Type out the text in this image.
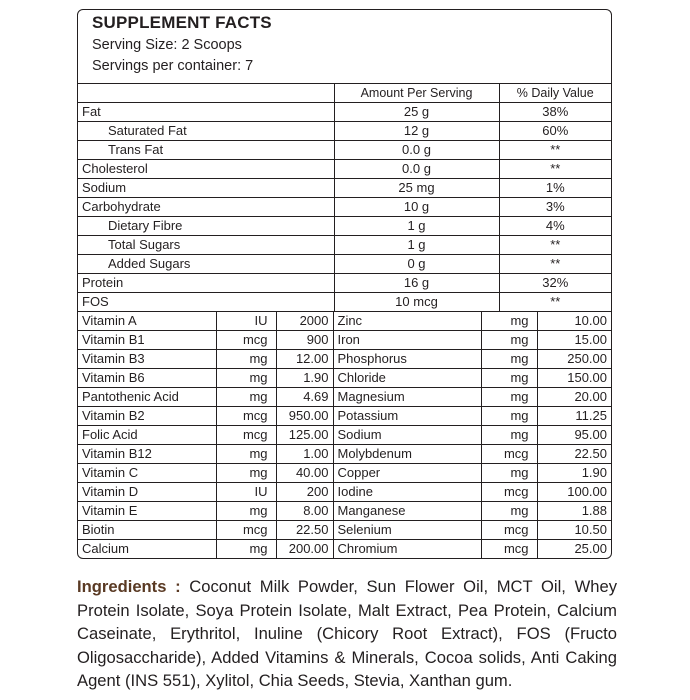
SUPPLEMENT FACTS
Serving Size: 2 Scoops
Servings per container: 7
	Amount Per Serving	% Daily Value
Fat	25 g	38%
Saturated Fat	12 g	60%
Trans Fat	0.0 g	**
Cholesterol	0.0 g	**
Sodium	25 mg	1%
Carbohydrate	10 g	3%
Dietary Fibre	1 g	4%
Total Sugars	1 g	**
Added Sugars	0 g	**
Protein	16 g	32%
FOS	10 mcg	**
Vitamin A	IU	2000	Zinc	mg	10.00
Vitamin B1	mcg	900	Iron	mg	15.00
Vitamin B3	mg	12.00	Phosphorus	mg	250.00
Vitamin B6	mg	1.90	Chloride	mg	150.00
Pantothenic Acid	mg	4.69	Magnesium	mg	20.00
Vitamin B2	mcg	950.00	Potassium	mg	11.25
Folic Acid	mcg	125.00	Sodium	mg	95.00
Vitamin B12	mg	1.00	Molybdenum	mcg	22.50
Vitamin C	mg	40.00	Copper	mg	1.90
Vitamin D	IU	200	Iodine	mcg	100.00
Vitamin E	mg	8.00	Manganese	mg	1.88
Biotin	mcg	22.50	Selenium	mcg	10.50
Calcium	mg	200.00	Chromium	mcg	25.00

Ingredients : Coconut Milk Powder, Sun Flower Oil, MCT Oil, Whey Protein Isolate, Soya Protein Isolate, Malt Extract, Pea Protein, Calcium Caseinate, Erythritol, Inuline (Chicory Root Extract), FOS (Fructo Oligosaccharide), Added Vitamins & Minerals, Cocoa solids, Anti Caking Agent (INS 551), Xylitol, Chia Seeds, Stevia, Xanthan gum.
